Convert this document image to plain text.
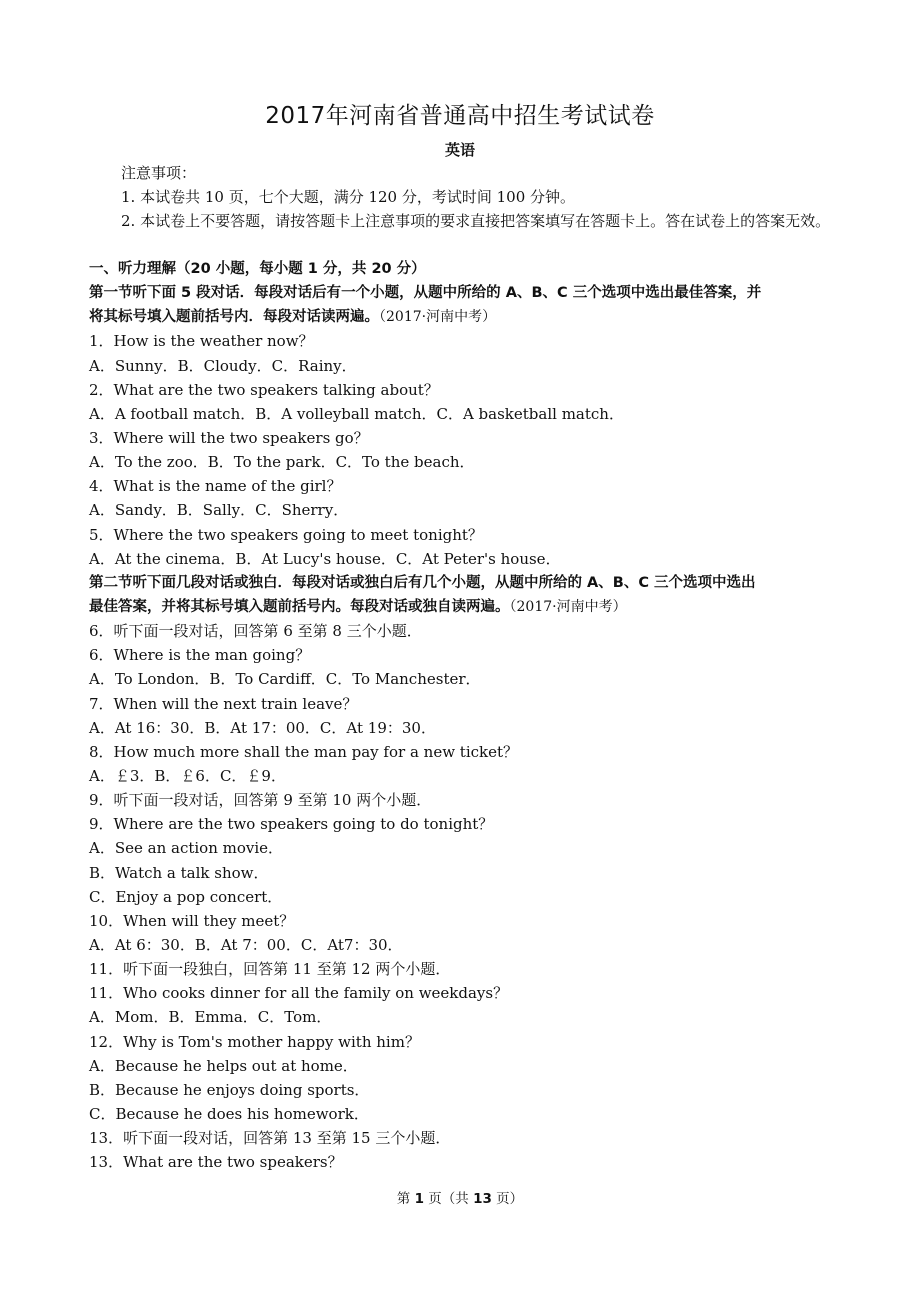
2017年河南省普通高中招生考试试卷
英语
注意事项：
1. 本试卷共 10 页，七个大题，满分 120 分，考试时间 100 分钟。
2. 本试卷上不要答题，请按答题卡上注意事项的要求直接把答案填写在答题卡上。答在试卷上的答案无效。
一、听力理解（20 小题，每小题 1 分，共 20 分）
第一节听下面 5 段对话．每段对话后有一个小题，从题中所给的 A、B、C 三个选项中选出最佳答案，并
将其标号填入题前括号内．每段对话读两遍。（2017·河南中考）
1．How is the weather now？
A．Sunny．B．Cloudy．C．Rainy．
2．What are the two speakers talking about？
A．A football match．B．A volleyball match．C．A basketball match．
3．Where will the two speakers go？
A．To the zoo．B．To the park．C．To the beach．
4．What is the name of the girl？
A．Sandy．B．Sally．C．Sherry．
5．Where the two speakers going to meet tonight？
A．At the cinema．B．At Lucy's house．C．At Peter's house．
第二节听下面几段对话或独白．每段对话或独白后有几个小题，从题中所给的 A、B、C 三个选项中选出
最佳答案，并将其标号填入题前括号内。每段对话或独自读两遍。（2017·河南中考）
6．听下面一段对话，回答第 6 至第 8 三个小题．
6．Where is the man going？
A．To London．B．To Cardiff．C．To Manchester．
7．When will the next train leave？
A．At 16：30．B．At 17：00．C．At 19：30．
8．How much more shall the man pay for a new ticket？
A．￡3．B．￡6．C．￡9．
9．听下面一段对话，回答第 9 至第 10 两个小题．
9．Where are the two speakers going to do tonight？
A．See an action movie．
B．Watch a talk show．
C．Enjoy a pop concert．
10．When will they meet？
A．At 6：30．B．At 7：00．C．At7：30．
11．听下面一段独白，回答第 11 至第 12 两个小题．
11．Who cooks dinner for all the family on weekdays？
A．Mom．B．Emma．C．Tom．
12．Why is Tom's mother happy with him？
A．Because he helps out at home．
B．Because he enjoys doing sports．
C．Because he does his homework．
13．听下面一段对话，回答第 13 至第 15 三个小题．
13．What are the two speakers？
第 1 页（共 13 页）
